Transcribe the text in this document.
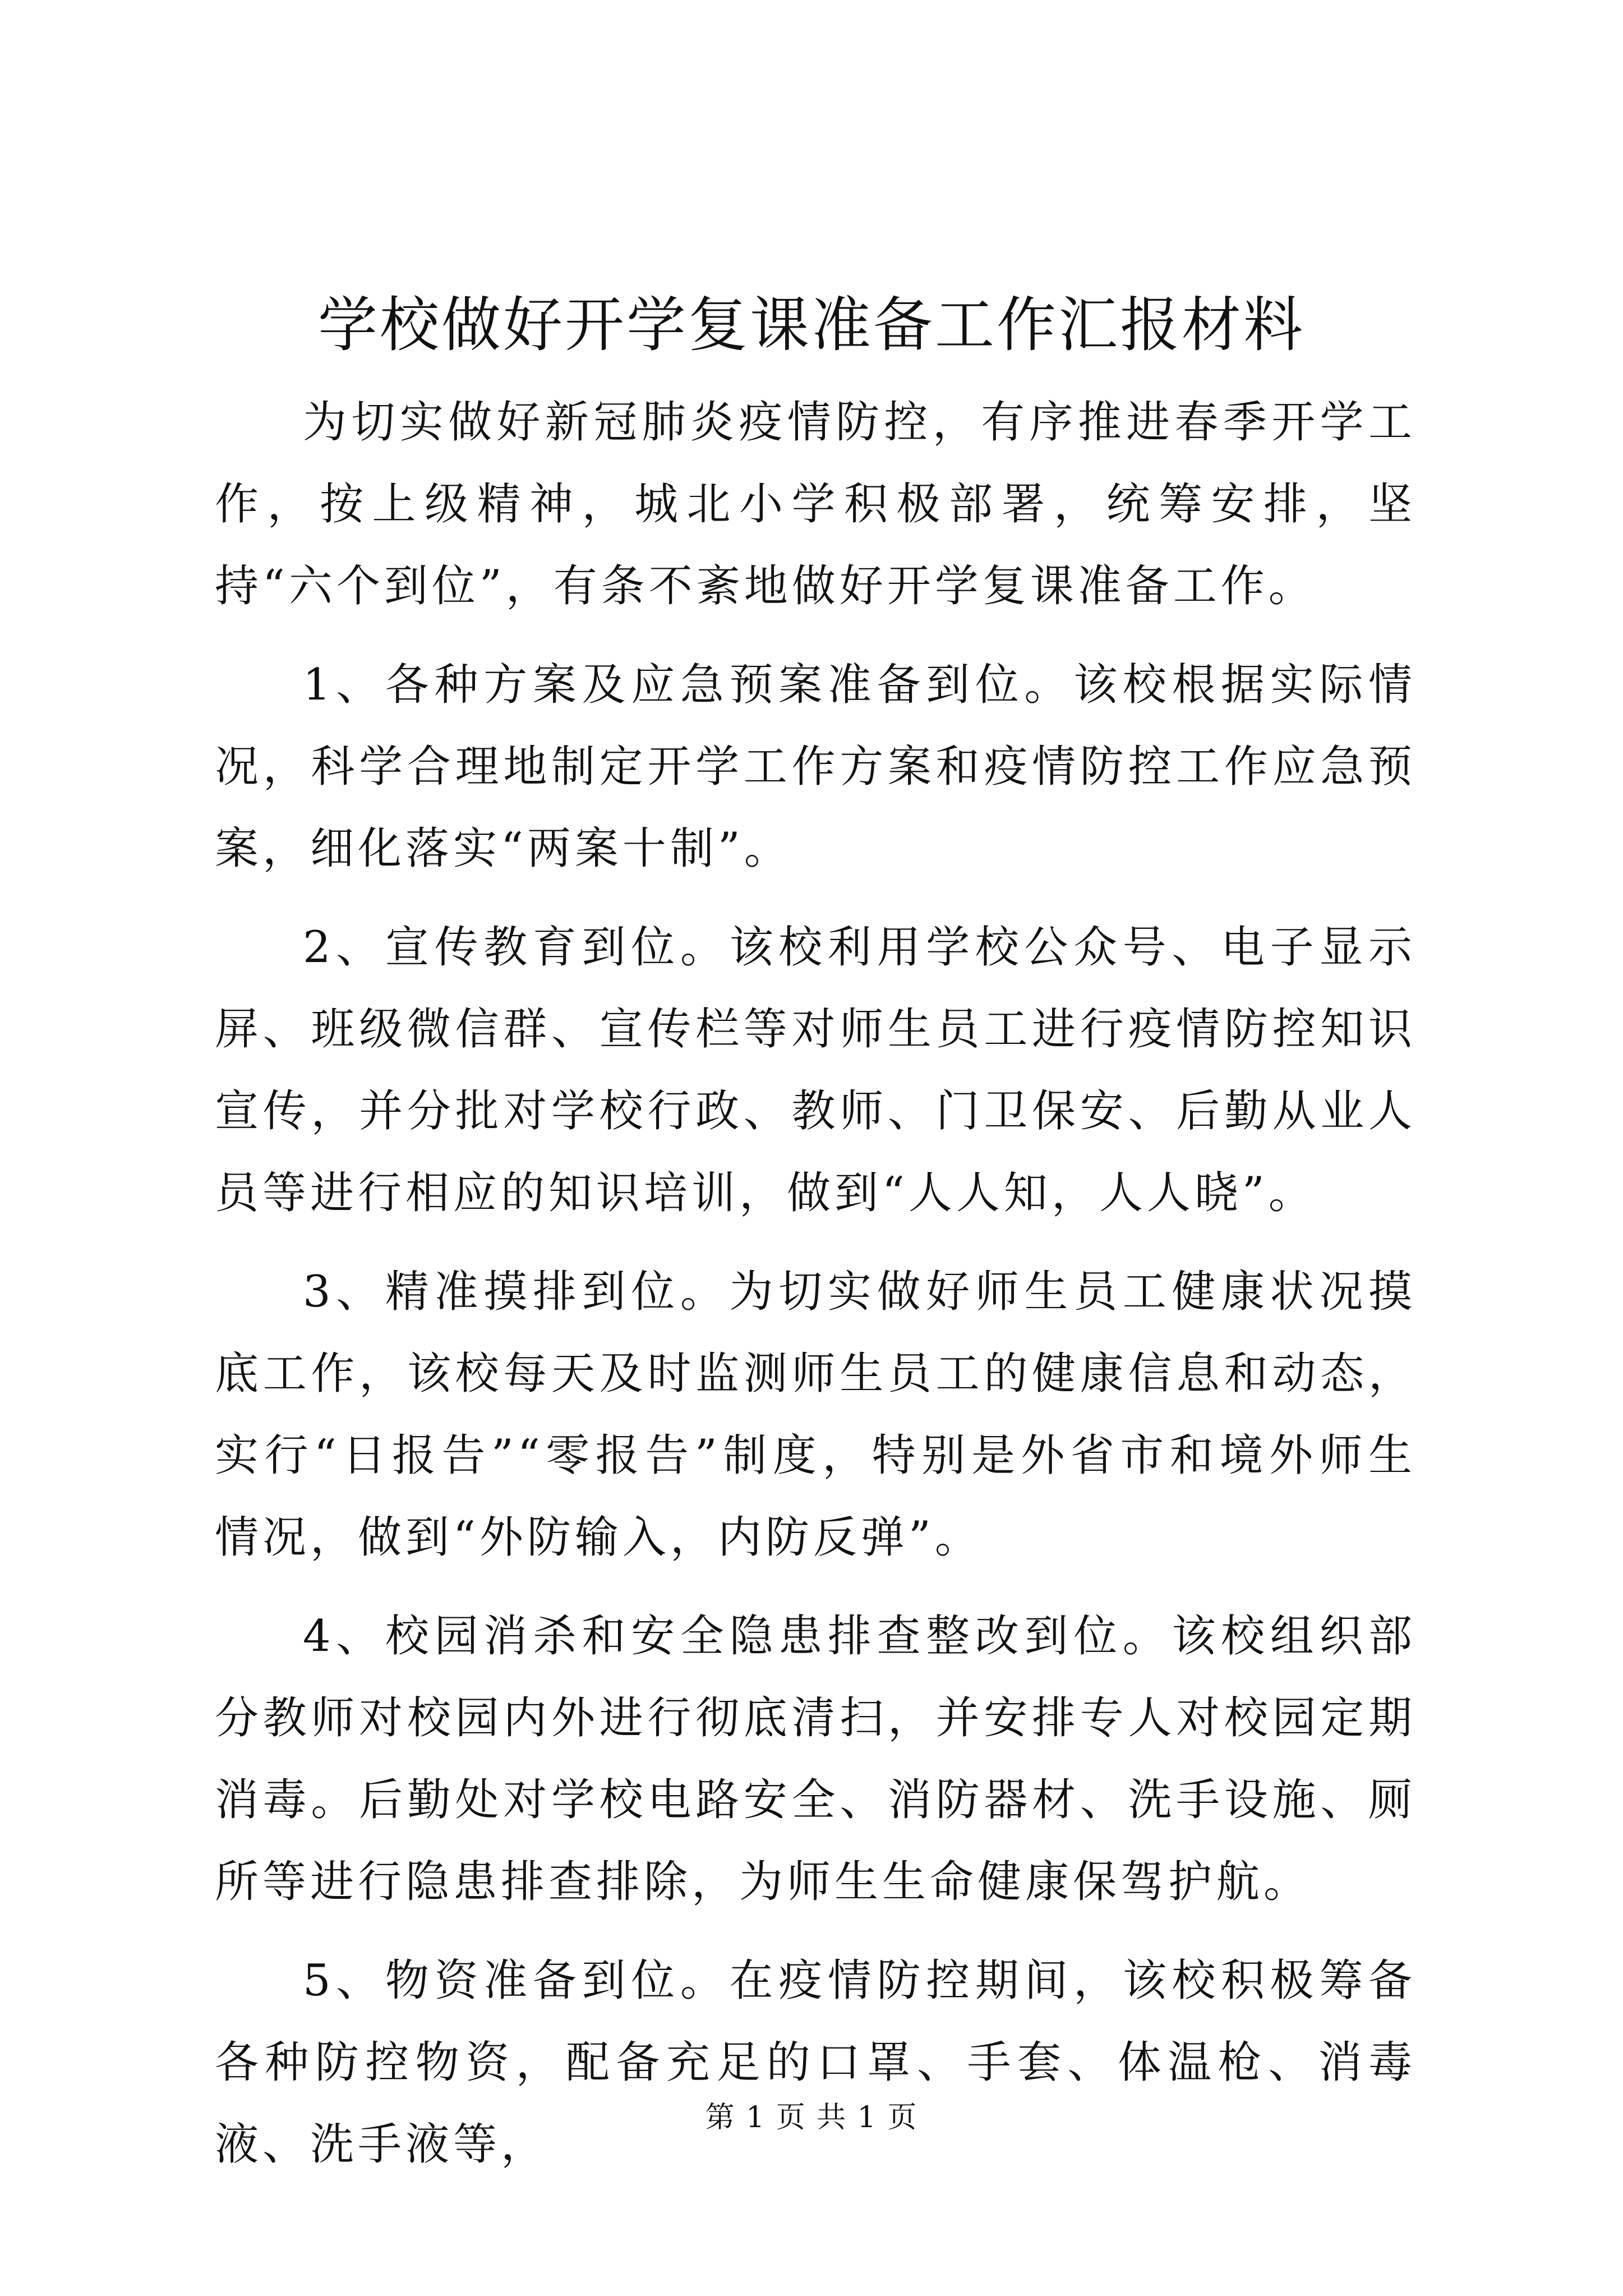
学校做好开学复课准备工作汇报材料

为切实做好新冠肺炎疫情防控，有序推进春季开学工作，按上级精神，城北小学积极部署，统筹安排，坚持“六个到位”，有条不紊地做好开学复课准备工作。

1、各种方案及应急预案准备到位。该校根据实际情况，科学合理地制定开学工作方案和疫情防控工作应急预案，细化落实“两案十制”。

2、宣传教育到位。该校利用学校公众号、电子显示屏、班级微信群、宣传栏等对师生员工进行疫情防控知识宣传，并分批对学校行政、教师、门卫保安、后勤从业人员等进行相应的知识培训，做到“人人知，人人晓”。

3、精准摸排到位。为切实做好师生员工健康状况摸底工作，该校每天及时监测师生员工的健康信息和动态，实行“日报告”“零报告”制度，特别是外省市和境外师生情况，做到“外防输入，内防反弹”。

4、校园消杀和安全隐患排查整改到位。该校组织部分教师对校园内外进行彻底清扫，并安排专人对校园定期消毒。后勤处对学校电路安全、消防器材、洗手设施、厕所等进行隐患排查排除，为师生生命健康保驾护航。

5、物资准备到位。在疫情防控期间，该校积极筹备各种防控物资，配备充足的口罩、手套、体温枪、消毒液、洗手液等，

第 1 页 共 1 页
